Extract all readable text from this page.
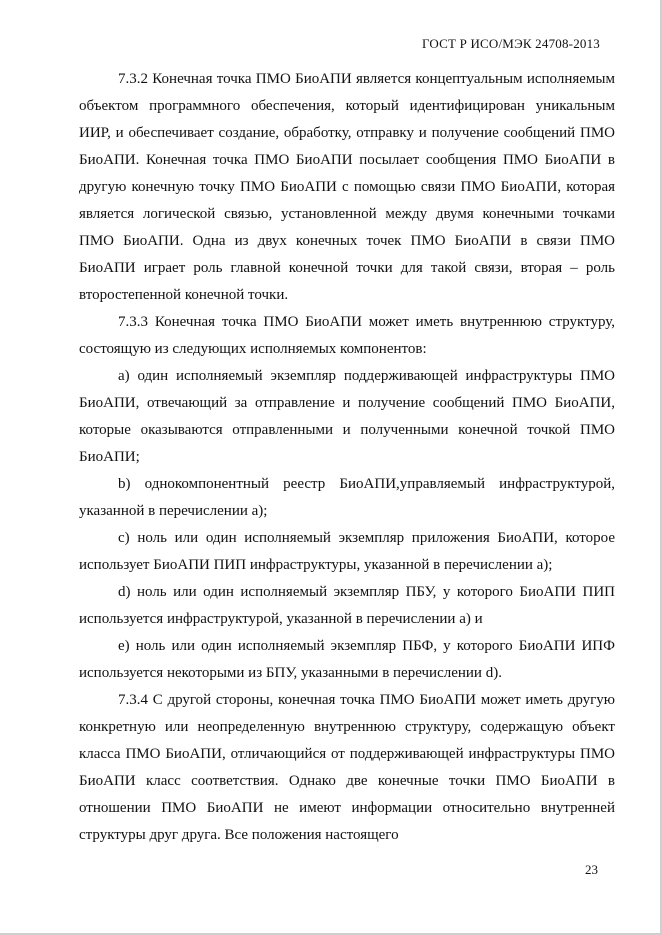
ГОСТ Р ИСО/МЭК 24708-2013

7.3.2 Конечная точка ПМО БиоАПИ является концептуальным исполняемым объектом программного обеспечения, который идентифицирован уникальным ИИР, и обеспечивает создание, обработку, отправку и получение сообщений ПМО БиоАПИ. Конечная точка ПМО БиоАПИ посылает сообщения ПМО БиоАПИ в другую конечную точку ПМО БиоАПИ с помощью связи ПМО БиоАПИ, которая является логической связью, установленной между двумя конечными точками ПМО БиоАПИ. Одна из двух конечных точек ПМО БиоАПИ в связи ПМО БиоАПИ играет роль главной конечной точки для такой связи, вторая – роль второстепенной конечной точки.

7.3.3 Конечная точка ПМО БиоАПИ может иметь внутреннюю структуру, состоящую из следующих исполняемых компонентов:

a) один исполняемый экземпляр поддерживающей инфраструктуры ПМО БиоАПИ, отвечающий за отправление и получение сообщений ПМО БиоАПИ, которые оказываются отправленными и полученными конечной точкой ПМО БиоАПИ;

b) однокомпонентный реестр БиоАПИ,управляемый инфраструктурой, указанной в перечислении a);

c) ноль или один исполняемый экземпляр приложения БиоАПИ, которое использует БиоАПИ ПИП инфраструктуры, указанной в перечислении a);

d) ноль или один исполняемый экземпляр ПБУ, у которого БиоАПИ ПИП используется инфраструктурой, указанной в перечислении a) и

e) ноль или один исполняемый экземпляр ПБФ, у которого БиоАПИ ИПФ используется некоторыми из БПУ, указанными в перечислении d).

7.3.4 С другой стороны, конечная точка ПМО БиоАПИ может иметь другую конкретную или неопределенную внутреннюю структуру, содержащую объект класса ПМО БиоАПИ, отличающийся от поддерживающей инфраструктуры ПМО БиоАПИ класс соответствия. Однако две конечные точки ПМО БиоАПИ в отношении ПМО БиоАПИ не имеют информации относительно внутренней структуры друг друга. Все положения настоящего

23
